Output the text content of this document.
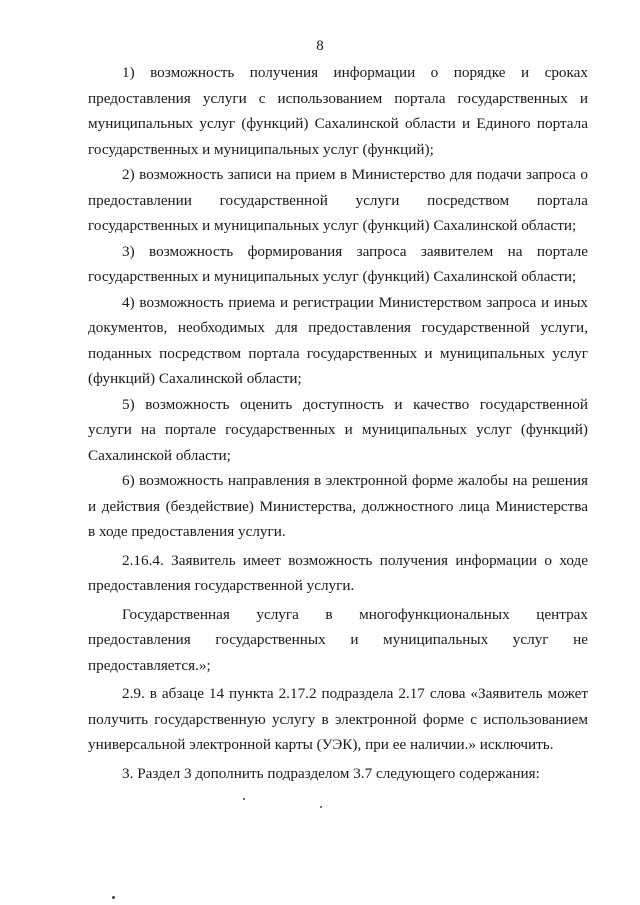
8

1) возможность получения информации о порядке и сроках предоставления услуги с использованием портала государственных и муниципальных услуг (функций) Сахалинской области и Единого портала государственных и муниципальных услуг (функций);

2) возможность записи на прием в Министерство для подачи запроса о предоставлении государственной услуги посредством портала государственных и муниципальных услуг (функций) Сахалинской области;

3) возможность формирования запроса заявителем на портале государственных и муниципальных услуг (функций) Сахалинской области;

4) возможность приема и регистрации Министерством запроса и иных документов, необходимых для предоставления государственной услуги, поданных посредством портала государственных и муниципальных услуг (функций) Сахалинской области;

5) возможность оценить доступность и качество государственной услуги на портале государственных и муниципальных услуг (функций) Сахалинской области;

6) возможность направления в электронной форме жалобы на решения и действия (бездействие) Министерства, должностного лица Министерства в ходе предоставления услуги.

2.16.4. Заявитель имеет возможность получения информации о ходе предоставления государственной услуги.

Государственная услуга в многофункциональных центрах предоставления государственных и муниципальных услуг не предоставляется.»;

2.9. в абзаце 14 пункта 2.17.2 подраздела 2.17 слова «Заявитель может получить государственную услугу в электронной форме с использованием универсальной электронной карты (УЭК), при ее наличии.» исключить.

3. Раздел 3 дополнить подразделом 3.7 следующего содержания:
